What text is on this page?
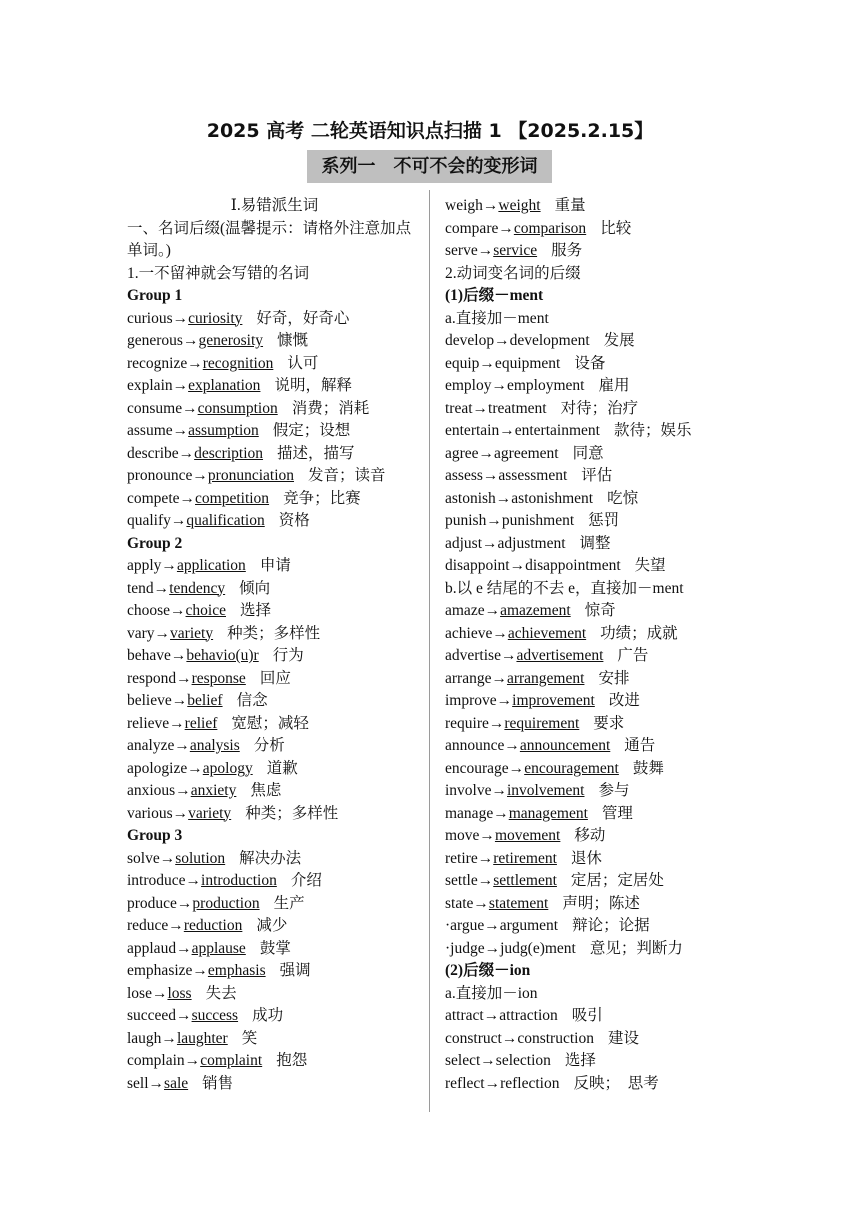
2025 高考 二轮英语知识点扫描 1 【2025.2.15】
系列一　不可不会的变形词
Ⅰ.易错派生词
一、名词后缀(温馨提示：请格外注意加点单词。)
1.一不留神就会写错的名词
Group 1
curious→curiosity 好奇，好奇心
generous→generosity 慷慨
recognize→recognition 认可
explain→explanation 说明，解释
consume→consumption 消费；消耗
assume→assumption 假定；设想
describe→description 描述，描写
pronounce→pronunciation 发音；读音
compete→competition 竞争；比赛
qualify→qualification 资格
Group 2
apply→application 申请
tend→tendency 倾向
choose→choice 选择
vary→variety 种类；多样性
behave→behavio(u)r 行为
respond→response 回应
believe→belief 信念
relieve→relief 宽慰；减轻
analyze→analysis 分析
apologize→apology 道歉
anxious→anxiety 焦虑
various→variety 种类；多样性
Group 3
solve→solution 解决办法
introduce→introduction 介绍
produce→production 生产
reduce→reduction 减少
applaud→applause 鼓掌
emphasize→emphasis 强调
lose→loss 失去
succeed→success 成功
laugh→laughter 笑
complain→complaint 抱怨
sell→sale 销售
weigh→weight 重量
compare→comparison 比较
serve→service 服务
2.动词变名词的后缀
(1)后缀－ment
a.直接加－ment
develop→development 发展
equip→equipment 设备
employ→employment 雇用
treat→treatment 对待；治疗
entertain→entertainment 款待；娱乐
agree→agreement 同意
assess→assessment 评估
astonish→astonishment 吃惊
punish→punishment 惩罚
adjust→adjustment 调整
disappoint→disappointment 失望
b.以 e 结尾的不去 e，直接加－ment
amaze→amazement 惊奇
achieve→achievement 功绩；成就
advertise→advertisement 广告
arrange→arrangement 安排
improve→improvement 改进
require→requirement 要求
announce→announcement 通告
encourage→encouragement 鼓舞
involve→involvement 参与
manage→management 管理
move→movement 移动
retire→retirement 退休
settle→settlement 定居；定居处
state→statement 声明；陈述
·argue→argument 辩论；论据
·judge→judg(e)ment 意见；判断力
(2)后缀－ion
a.直接加－ion
attract→attraction 吸引
construct→construction 建设
select→selection 选择
reflect→reflection 反映；　思考
